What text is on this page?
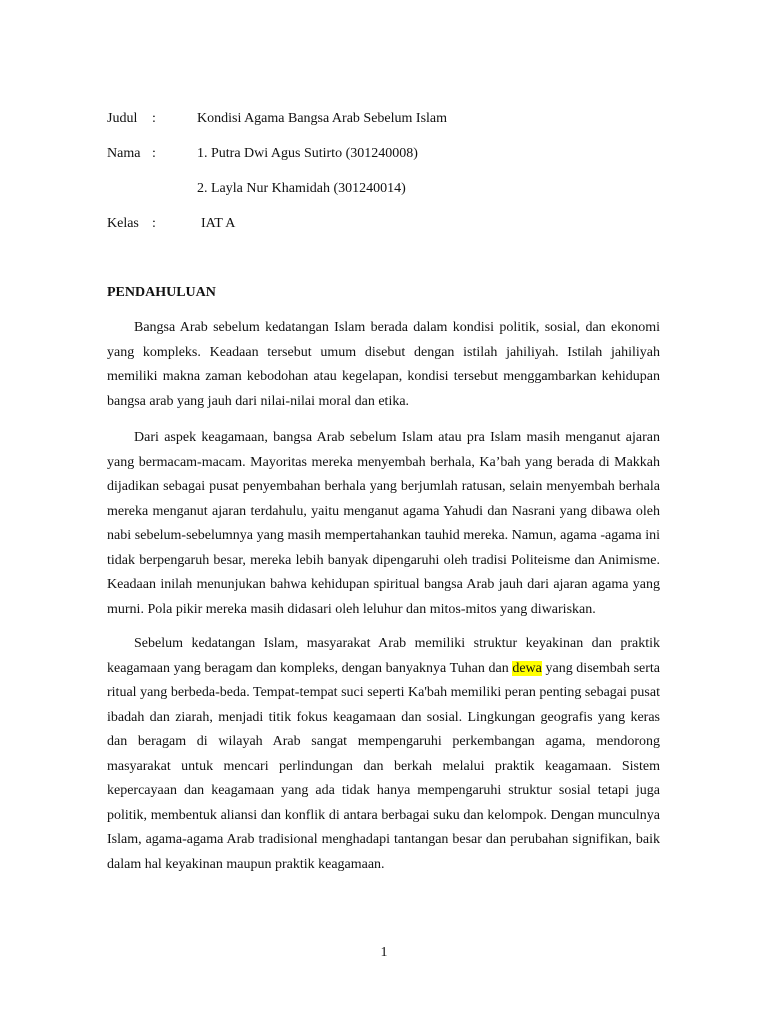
Judul :	Kondisi Agama Bangsa Arab Sebelum Islam
Nama :	1. Putra Dwi Agus Sutirto (301240008)
2. Layla Nur Khamidah (301240014)
Kelas :	IAT A
PENDAHULUAN

Bangsa Arab sebelum kedatangan Islam berada dalam kondisi politik, sosial, dan ekonomi yang kompleks. Keadaan tersebut umum disebut dengan istilah jahiliyah. Istilah jahiliyah memiliki makna zaman kebodohan atau kegelapan, kondisi tersebut menggambarkan kehidupan bangsa arab yang jauh dari nilai-nilai moral dan etika.

Dari aspek keagamaan, bangsa Arab sebelum Islam atau pra Islam masih menganut ajaran yang bermacam-macam. Mayoritas mereka menyembah berhala, Ka’bah yang berada di Makkah dijadikan sebagai pusat penyembahan berhala yang berjumlah ratusan, selain menyembah berhala mereka menganut ajaran terdahulu, yaitu menganut agama Yahudi dan Nasrani yang dibawa oleh nabi sebelum-sebelumnya yang masih mempertahankan tauhid mereka. Namun, agama -agama ini tidak berpengaruh besar, mereka lebih banyak dipengaruhi oleh tradisi Politeisme dan Animisme. Keadaan inilah menunjukan bahwa kehidupan spiritual bangsa Arab jauh dari ajaran agama yang murni. Pola pikir mereka masih didasari oleh leluhur dan mitos-mitos yang diwariskan.

Sebelum kedatangan Islam, masyarakat Arab memiliki struktur keyakinan dan praktik keagamaan yang beragam dan kompleks, dengan banyaknya Tuhan dan dewa yang disembah serta ritual yang berbeda-beda. Tempat-tempat suci seperti Ka'bah memiliki peran penting sebagai pusat ibadah dan ziarah, menjadi titik fokus keagamaan dan sosial. Lingkungan geografis yang keras dan beragam di wilayah Arab sangat mempengaruhi perkembangan agama, mendorong masyarakat untuk mencari perlindungan dan berkah melalui praktik keagamaan. Sistem kepercayaan dan keagamaan yang ada tidak hanya mempengaruhi struktur sosial tetapi juga politik, membentuk aliansi dan konflik di antara berbagai suku dan kelompok. Dengan munculnya Islam, agama-agama Arab tradisional menghadapi tantangan besar dan perubahan signifikan, baik dalam hal keyakinan maupun praktik keagamaan.

1
